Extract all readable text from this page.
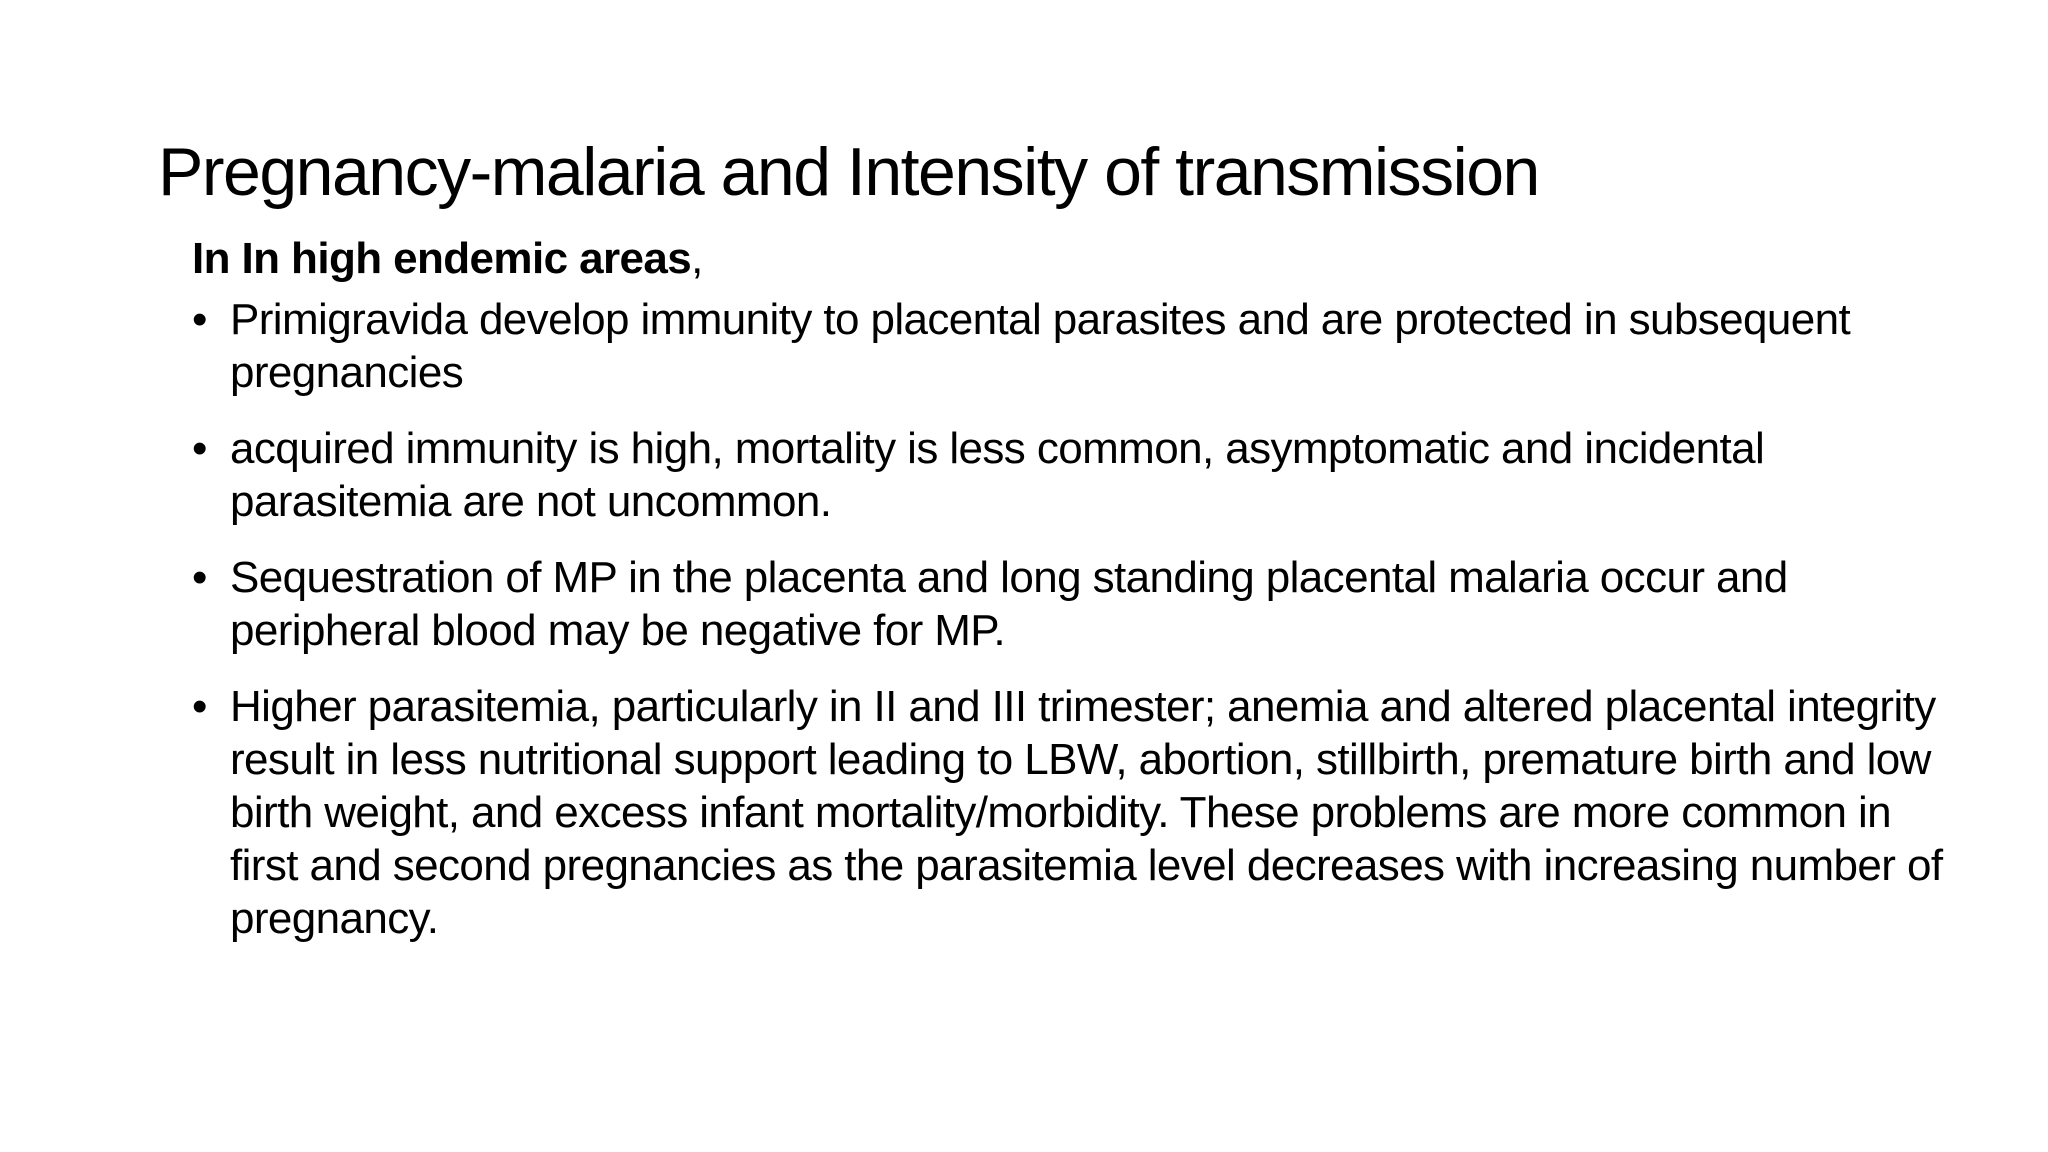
Pregnancy-malaria and Intensity of transmission

In In high endemic areas,

• Primigravida develop immunity to placental parasites and are protected in subsequent pregnancies
• acquired immunity is high, mortality is less common, asymptomatic and incidental parasitemia are not uncommon.
• Sequestration of MP in the placenta and long standing placental malaria occur and peripheral blood may be negative for MP.
• Higher parasitemia, particularly in II and III trimester; anemia and altered placental integrity result in less nutritional support leading to LBW, abortion, stillbirth, premature birth and low birth weight, and excess infant mortality/morbidity. These problems are more common in first and second pregnancies as the parasitemia level decreases with increasing number of pregnancy.
